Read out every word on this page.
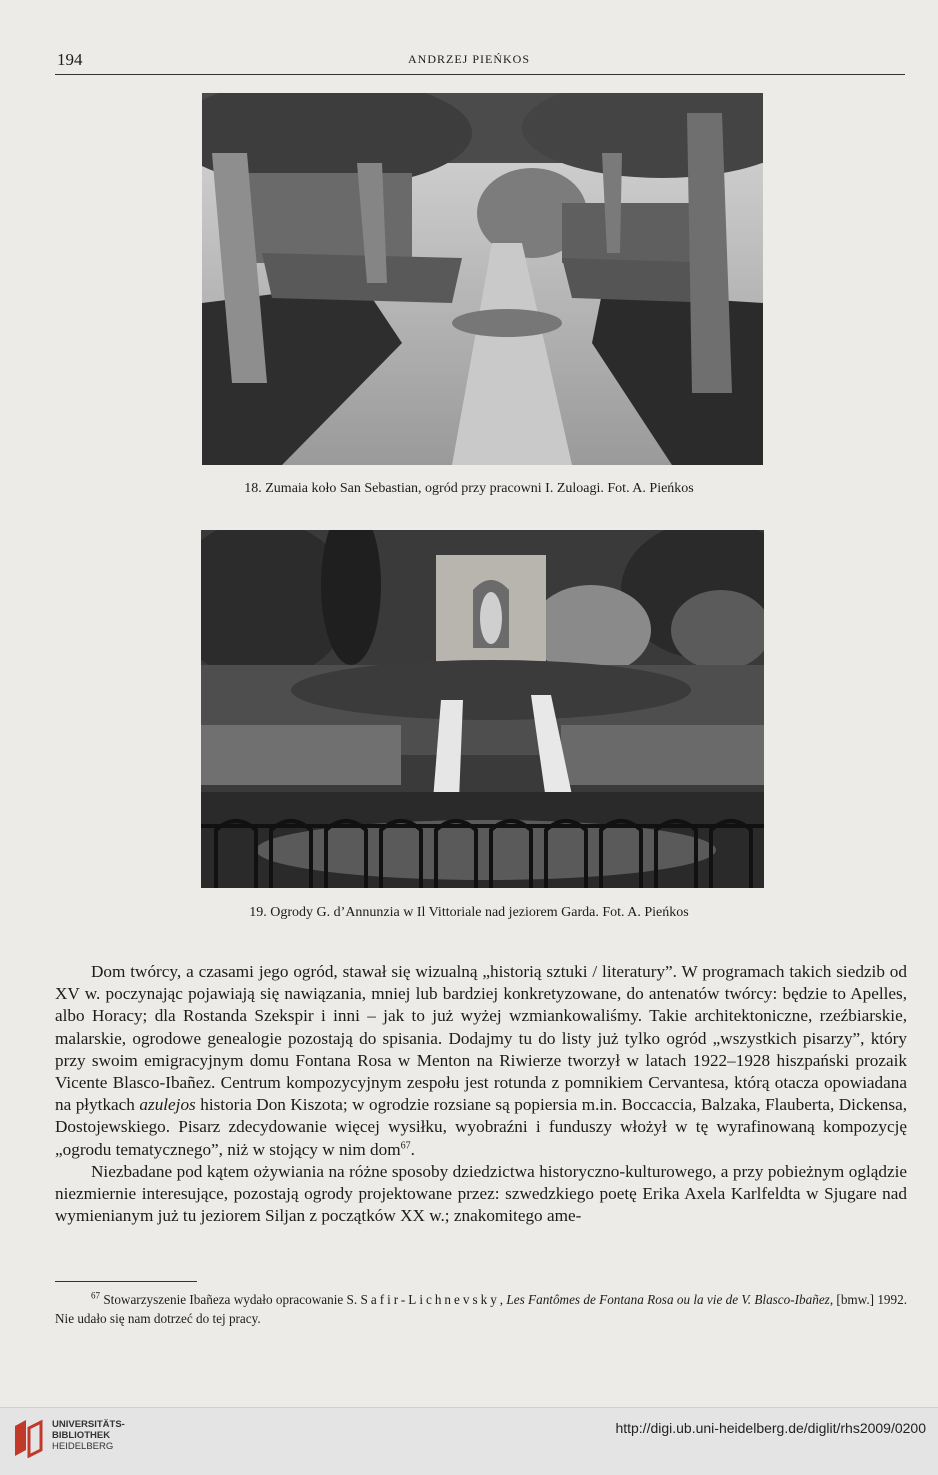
194	ANDRZEJ PIEŃKOS
18. Zumaia koło San Sebastian, ogród przy pracowni I. Zuloagi. Fot. A. Pieńkos
19. Ogrody G. d’Annunzia w Il Vittoriale nad jeziorem Garda. Fot. A. Pieńkos

Dom twórcy, a czasami jego ogród, stawał się wizualną „historią sztuki / literatury”. W programach takich siedzib od XV w. poczynając pojawiają się nawiązania, mniej lub bardziej konkretyzowane, do antenatów twórcy: będzie to Apelles, albo Horacy; dla Rostanda Szekspir i inni – jak to już wyżej wzmiankowaliśmy. Takie architektoniczne, rzeźbiarskie, malarskie, ogrodowe genealogie pozostają do spisania. Dodajmy tu do listy już tylko ogród „wszystkich pisarzy”, który przy swoim emigracyjnym domu Fontana Rosa w Menton na Riwierze tworzył w latach 1922–1928 hiszpański prozaik Vicente Blasco-Ibañez. Centrum kompozycyjnym zespołu jest rotunda z pomnikiem Cervantesa, którą otacza opowiadana na płytkach azulejos historia Don Kiszota; w ogrodzie rozsiane są popiersia m.in. Boccaccia, Balzaka, Flauberta, Dickensa, Dostojewskiego. Pisarz zdecydowanie więcej wysiłku, wyobraźni i funduszy włożył w tę wyrafinowaną kompozycję „ogrodu tematycznego”, niż w stojący w nim dom$^{67}$.

Niezbadane pod kątem ożywiania na różne sposoby dziedzictwa historyczno-kulturowego, a przy pobieżnym oglądzie niezmiernie interesujące, pozostają ogrody projektowane przez: szwedzkiego poetę Erika Axela Karlfeldta w Sjugare nad wymienianym już tu jeziorem Siljan z początków XX w.; znakomitego ame-

$^{67}$ Stowarzyszenie Ibañeza wydało opracowanie S. Safir-Lichnevsky, Les Fantômes de Fontana Rosa ou la vie de V. Blasco-Ibañez, [bmw.] 1992. Nie udało się nam dotrzeć do tej pracy.
UNIVERSITÄTS-
BIBLIOTHEK
HEIDELBERG
http://digi.ub.uni-heidelberg.de/diglit/rhs2009/0200
